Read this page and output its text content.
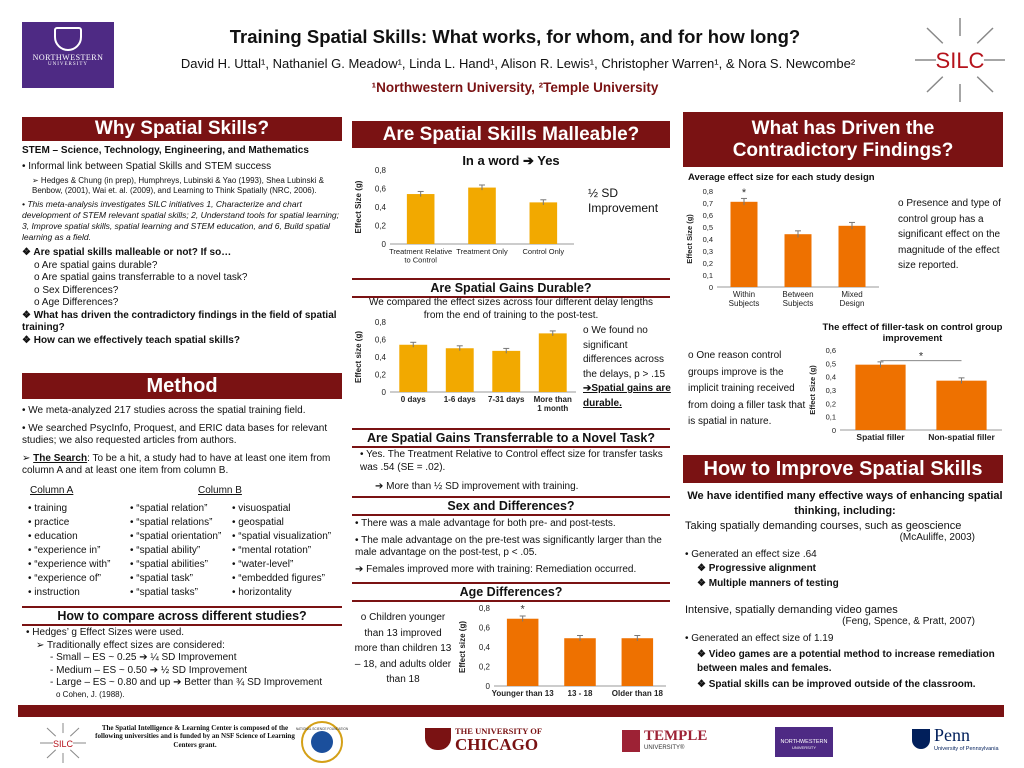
NORTHWESTERN
UNIVERSITY
Training Spatial Skills: What works, for whom, and for how long?
David H. Uttal¹, Nathaniel G. Meadow¹, Linda L. Hand¹, Alison R. Lewis¹, Christopher Warren¹, & Nora S. Newcombe²
¹Northwestern University, ²Temple University
SILC
Why Spatial Skills?
STEM – Science, Technology, Engineering, and Mathematics
• Informal link between Spatial Skills and STEM success
➢ Hedges & Chung (in prep), Humphreys, Lubinski & Yao (1993), Shea Lubinski & Benbow, (2001), Wai et. al. (2009), and Learning to Think Spatially (NRC, 2006).
• This meta-analysis investigates SILC initiatives 1, Characterize and chart development of STEM relevant spatial skills; 2, Understand tools for spatial learning; 3, Improve spatial skills, spatial learning and STEM education, and 6, Build spatial learning as a field.
❖ Are spatial skills malleable or not? If so…
o Are spatial gains durable?
o Are spatial gains transferrable to a novel task?
o Sex Differences?
o Age Differences?
❖ What has driven the contradictory findings in the field of spatial training?
❖ How can we effectively teach spatial skills?
Method
• We meta-analyzed 217 studies across the spatial training field.
• We searched PsycInfo, Proquest, and ERIC data bases for relevant studies; we also requested articles from authors.
➢ The Search: To be a hit, a study had to have at least one item from column A and at least one item from column B.
Column A	Column B
• training
• practice
• education
• “experience in”
• “experience with”
• “experience of”
• instruction
• “spatial relation”
• “spatial relations”
• “spatial orientation”
• “spatial ability”
• “spatial abilities”
• “spatial task”
• “spatial tasks”
• visuospatial
• geospatial
• “spatial visualization”
• “mental rotation”
• “water-level”
• “embedded figures”
• horizontality
How to compare across different studies?
• Hedges’ g Effect Sizes were used.
➢ Traditionally effect sizes are considered:
- Small – ES ~ 0.25 ➔ ¼ SD Improvement
- Medium – ES ~ 0.50 ➔ ½ SD Improvement
- Large – ES ~ 0.80 and up ➔ Better than ¾ SD Improvement
o Cohen, J. (1988).
Are Spatial Skills Malleable?
In a word ➔ Yes
0
0,2
0,4
0,6
0,8
Effect Size (g)
Treatment Relative to Control
Treatment Only Control Only
½ SD Improvement
Are Spatial Gains Durable?
We compared the effect sizes across four different delay lengths from the end of training to the post-test.
0
0,2
0,4
0,6
0,8
Effect size (g)
0 days 1-6 days 7-31 days More than 1 month
o We found no significant differences across the delays, p > .15
➔Spatial gains are durable.
Are Spatial Gains Transferrable to a Novel Task?
• Yes. The Treatment Relative to Control effect size for transfer tasks was .54 (SE = .02).
➔ More than ½ SD improvement with training.
Sex and Differences?
• There was a male advantage for both pre- and post-tests.
• The male advantage on the pre-test was significantly larger than the male advantage on the post-test, p < .05.
➔ Females improved more with training: Remediation occurred.
Age Differences?
o Children younger than 13 improved more than children 13 – 18, and adults older than 18
0
0,2
0,4
0,6
0,8
Effect size (g)
Younger than 13 13 - 18 Older than 18
*
What has Driven the Contradictory Findings?
Average effect size for each study design
0
0,1
0,2
0,3
0,4
0,5
0,6
0,7
0,8
Effect Size (g)
Within Subjects
Between Subjects
Mixed Design
*
o Presence and type of control group has a significant effect on the magnitude of the effect size reported.
The effect of filler-task on control group improvement
o One reason control groups improve is the implicit training received from doing a filler task that is spatial in nature.
0
0,1
0,2
0,3
0,4
0,5
0,6
Effect Size (g)
Spatial filler	Non-spatial filler
*
How to Improve Spatial Skills
We have identified many effective ways of enhancing spatial thinking, including:
Taking spatially demanding courses, such as geoscience
(McAuliffe, 2003)
• Generated an effect size .64
❖ Progressive alignment
❖ Multiple manners of testing
Intensive, spatially demanding video games
(Feng, Spence, & Pratt, 2007)
• Generated an effect size of 1.19
❖ Video games are a potential method to increase remediation between males and females.
❖ Spatial skills can be improved outside of the classroom.
SILC
The Spatial Intelligence & Learning Center is composed of the following universities and is funded by an NSF Science of Learning Centers grant.
NATIONAL SCIENCE FOUNDATION	THE UNIVERSITY OF
CHICAGO	TEMPLE
UNIVERSITY®
NORTHWESTERN
UNIVERSITY
Penn
University of Pennsylvania
